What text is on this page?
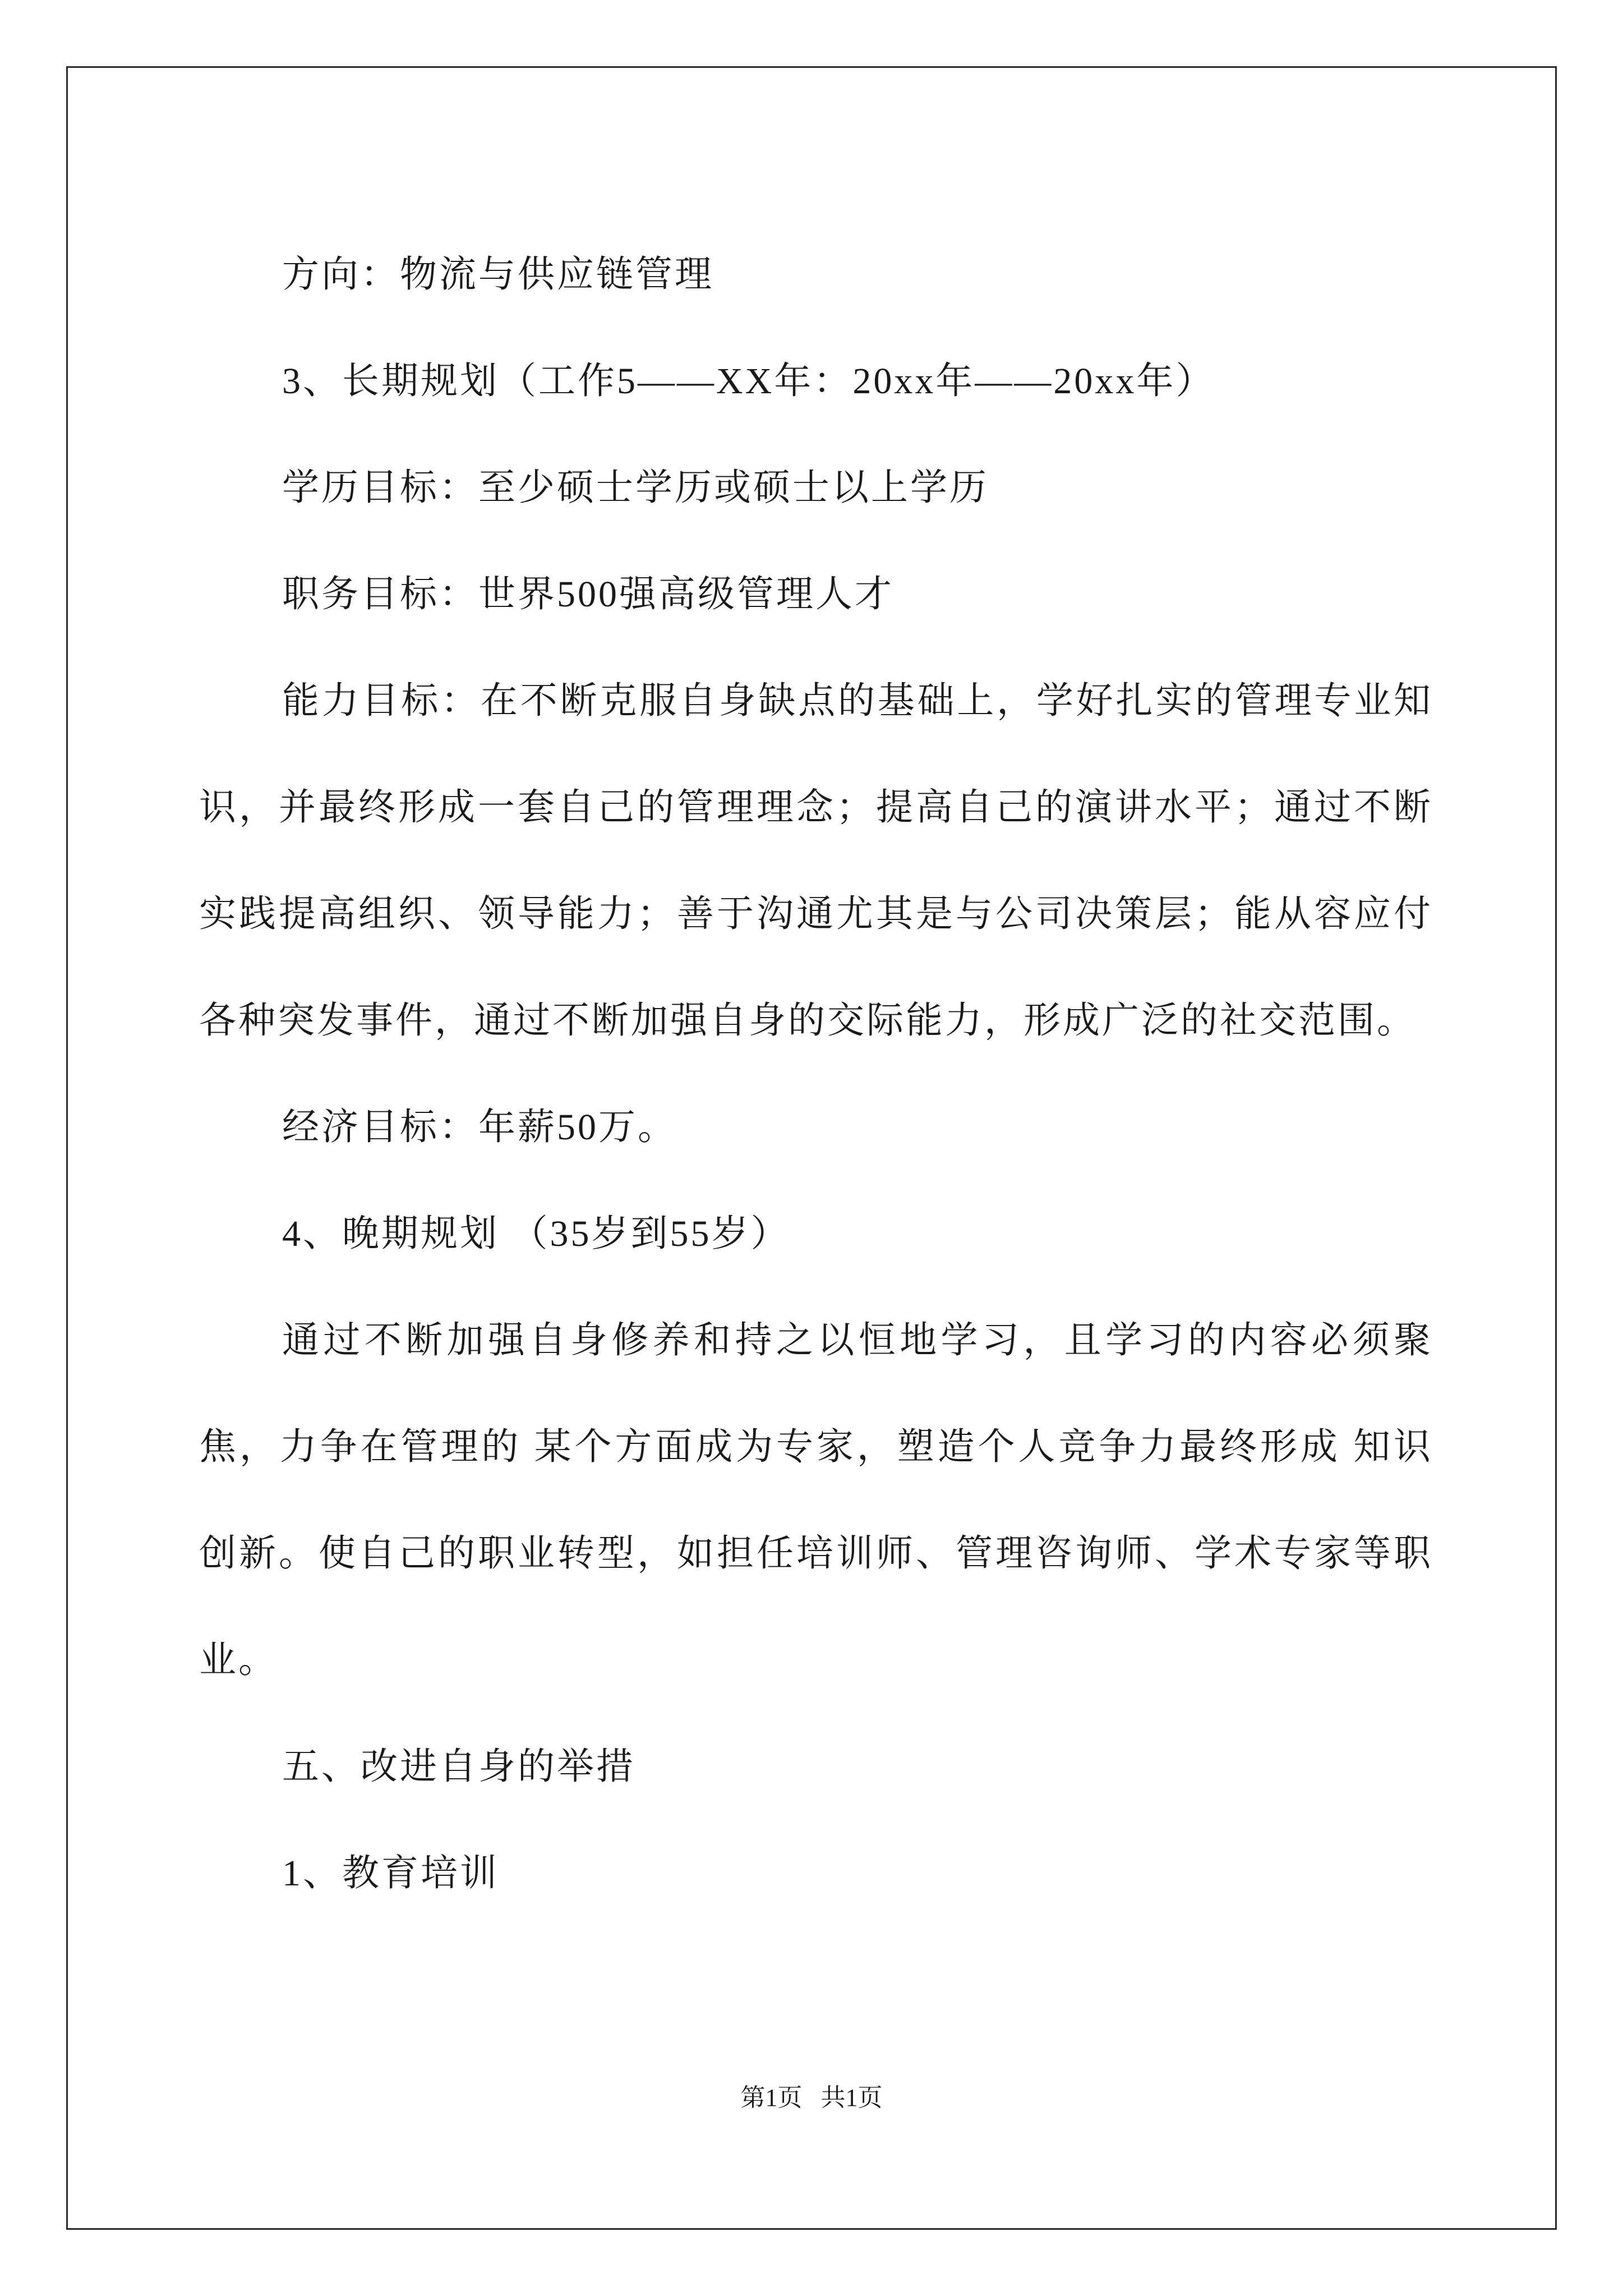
方向：物流与供应链管理

3、长期规划（工作5——XX年：20xx年——20xx年）

学历目标：至少硕士学历或硕士以上学历

职务目标：世界500强高级管理人才

能力目标：在不断克服自身缺点的基础上，学好扎实的管理专业知识，并最终形成一套自己的管理理念；提高自己的演讲水平；通过不断实践提高组织、领导能力；善于沟通尤其是与公司决策层；能从容应付各种突发事件，通过不断加强自身的交际能力，形成广泛的社交范围。

经济目标：年薪50万。

4、晚期规划 （35岁到55岁）

通过不断加强自身修养和持之以恒地学习，且学习的内容必须聚焦，力争在管理的 某个方面成为专家，塑造个人竞争力最终形成 知识创新。使自己的职业转型，如担任培训师、管理咨询师、学术专家等职业。

五、改进自身的举措

1、教育培训

第1页   共1页
